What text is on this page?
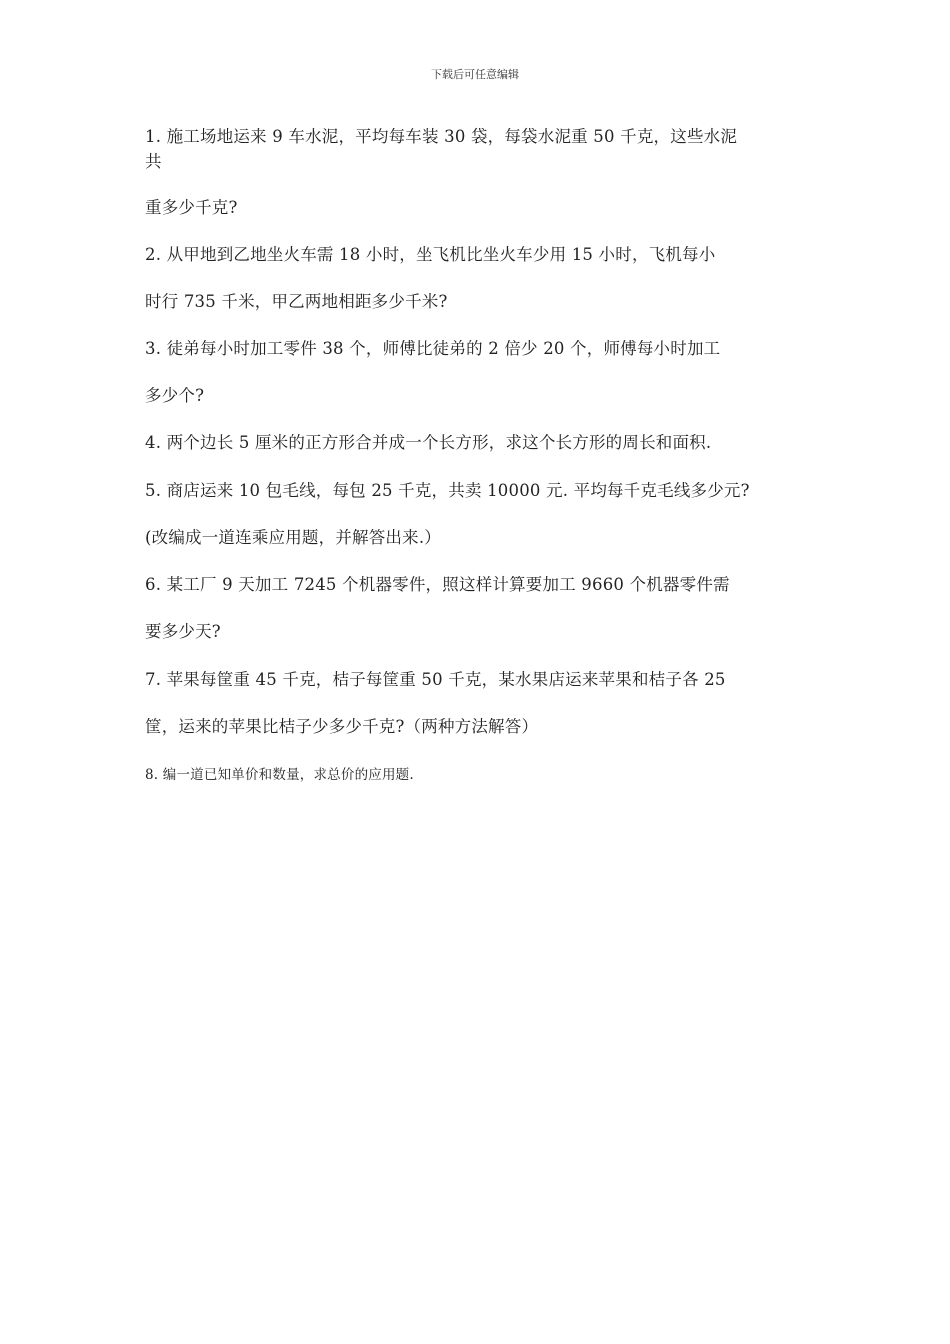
下载后可任意编辑
1. 施工场地运来 9 车水泥，平均每车装 30 袋，每袋水泥重 50 千克，这些水泥
共
重多少千克?
2. 从甲地到乙地坐火车需 18 小时，坐飞机比坐火车少用 15 小时，飞机每小
时行 735 千米，甲乙两地相距多少千米?
3. 徒弟每小时加工零件 38 个，师傅比徒弟的 2 倍少 20 个，师傅每小时加工
多少个?
4. 两个边长 5 厘米的正方形合并成一个长方形，求这个长方形的周长和面积.
5. 商店运来 10 包毛线，每包 25 千克，共卖 10000 元. 平均每千克毛线多少元?
(改编成一道连乘应用题，并解答出来.）
6. 某工厂 9 天加工 7245 个机器零件，照这样计算要加工 9660 个机器零件需
要多少天?
7. 苹果每筐重 45 千克，桔子每筐重 50 千克，某水果店运来苹果和桔子各 25
筐，运来的苹果比桔子少多少千克?（两种方法解答）
8. 编一道已知单价和数量，求总价的应用题.
